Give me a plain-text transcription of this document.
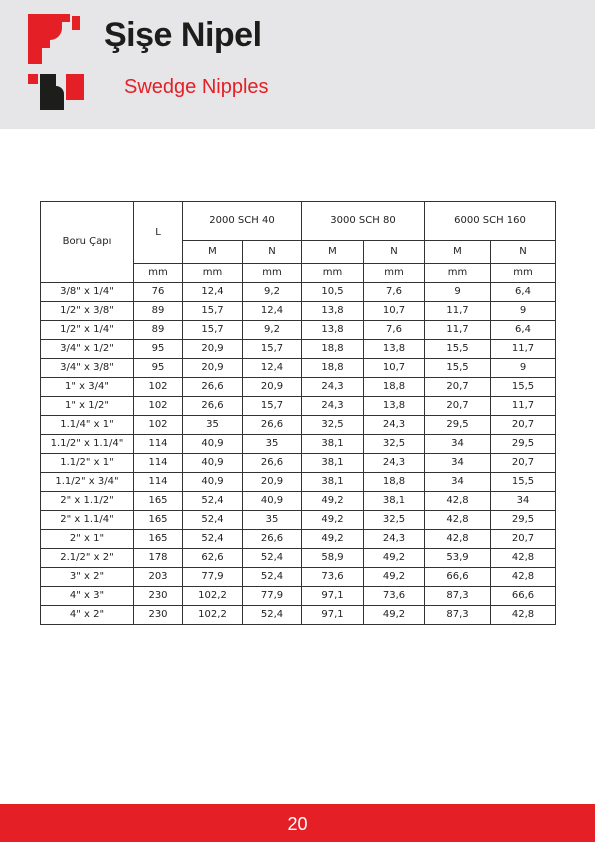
Şişe Nipel
Swedge Nipples
Boru Çapı	L	2000 SCH 40		3000 SCH 80		6000 SCH 160	
		M	N	M	N	M	N
	mm	mm	mm	mm	mm	mm	mm
3/8" x 1/4"	76	12,4	9,2	10,5	7,6	9	6,4
1/2" x 3/8"	89	15,7	12,4	13,8	10,7	11,7	9
1/2" x 1/4"	89	15,7	9,2	13,8	7,6	11,7	6,4
3/4" x 1/2"	95	20,9	15,7	18,8	13,8	15,5	11,7
3/4" x 3/8"	95	20,9	12,4	18,8	10,7	15,5	9
1" x 3/4"	102	26,6	20,9	24,3	18,8	20,7	15,5
1" x 1/2"	102	26,6	15,7	24,3	13,8	20,7	11,7
1.1/4" x 1"	102	35	26,6	32,5	24,3	29,5	20,7
1.1/2" x 1.1/4"	114	40,9	35	38,1	32,5	34	29,5
1.1/2" x 1"	114	40,9	26,6	38,1	24,3	34	20,7
1.1/2" x 3/4"	114	40,9	20,9	38,1	18,8	34	15,5
2" x 1.1/2"	165	52,4	40,9	49,2	38,1	42,8	34
2" x 1.1/4"	165	52,4	35	49,2	32,5	42,8	29,5
2" x 1"	165	52,4	26,6	49,2	24,3	42,8	20,7
2.1/2" x 2"	178	62,6	52,4	58,9	49,2	53,9	42,8
3" x 2"	203	77,9	52,4	73,6	49,2	66,6	42,8
4" x 3"	230	102,2	77,9	97,1	73,6	87,3	66,6
4" x 2"	230	102,2	52,4	97,1	49,2	87,3	42,8
20
